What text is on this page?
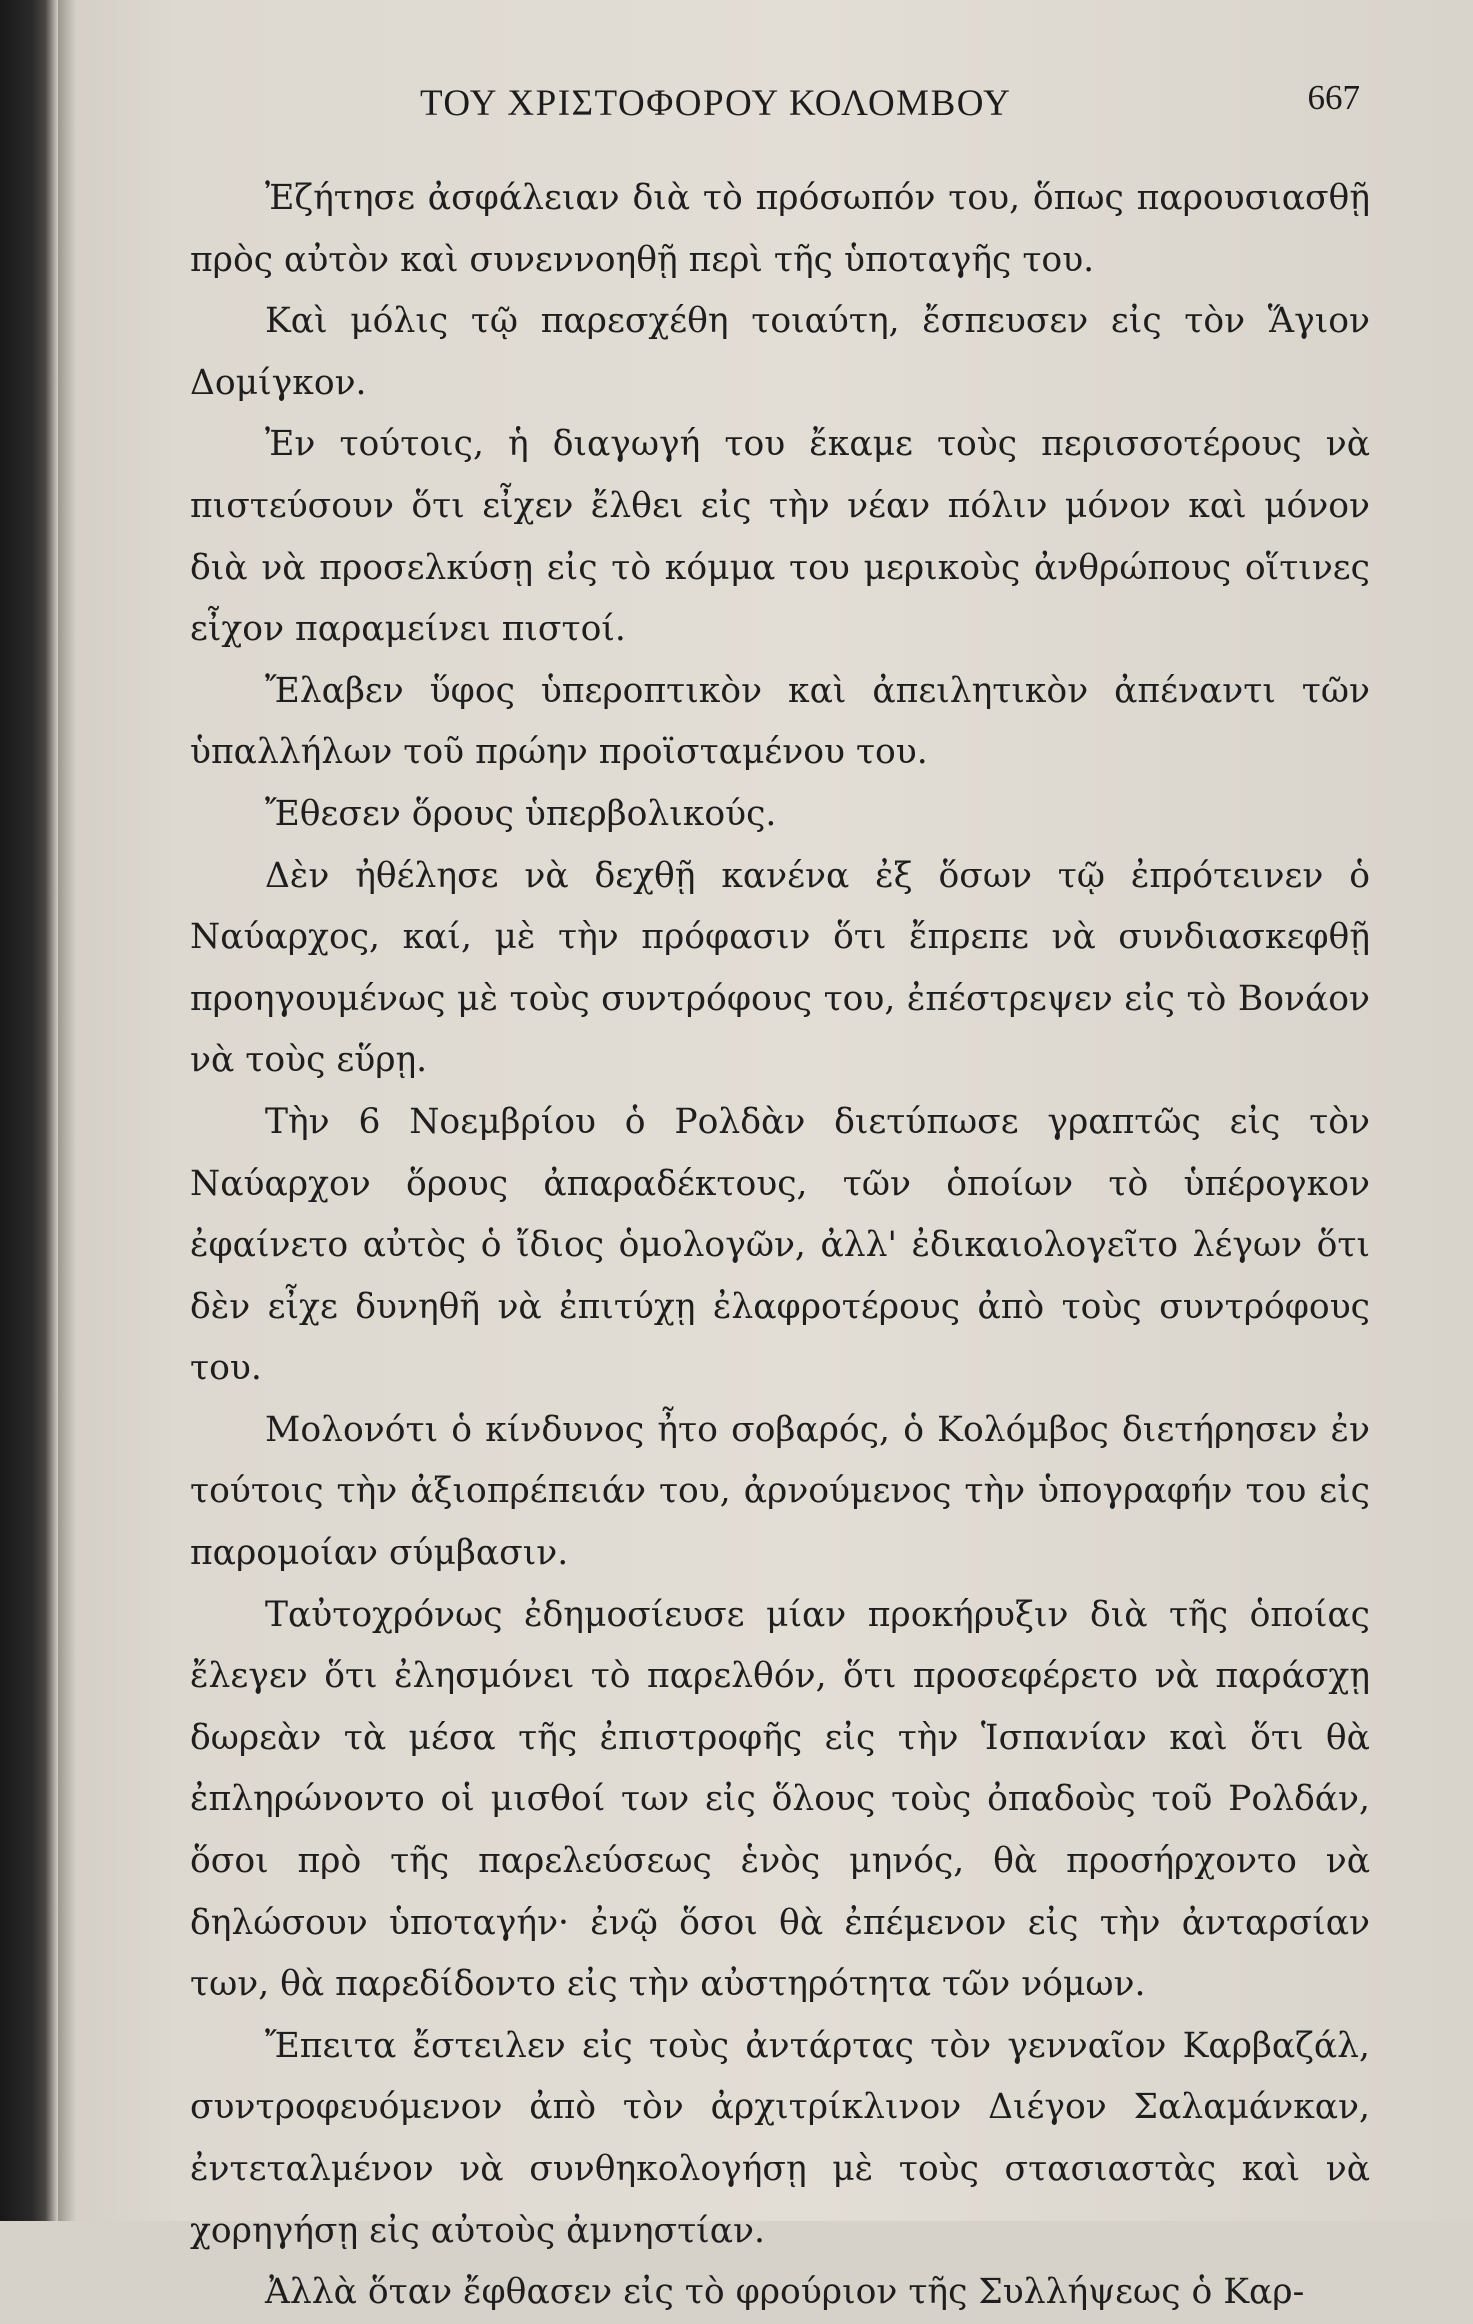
ΤΟΥ ΧΡΙΣΤΟΦΟΡΟΥ ΚΟΛΟΜΒΟΥ	667

Ἐζήτησε ἀσφάλειαν διὰ τὸ πρόσωπόν του, ὅπως παρουσιασθῇ πρὸς αὐτὸν καὶ συνεννοηθῇ περὶ τῆς ὑποταγῆς του.

Καὶ μόλις τῷ παρεσχέθη τοιαύτη, ἔσπευσεν εἰς τὸν Ἅγιον Δομίγκον.

Ἐν τούτοις, ἡ διαγωγή του ἔκαμε τοὺς περισσοτέρους νὰ πιστεύσουν ὅτι εἶχεν ἔλθει εἰς τὴν νέαν πόλιν μόνον καὶ μόνον διὰ νὰ προσελκύσῃ εἰς τὸ κόμμα του μερικοὺς ἀνθρώπους οἵτινες εἶχον παραμείνει πιστοί.

Ἔλαβεν ὕφος ὑπεροπτικὸν καὶ ἀπειλητικὸν ἀπέναντι τῶν ὑπαλλήλων τοῦ πρώην προϊσταμένου του.

Ἔθεσεν ὅρους ὑπερβολικούς.

Δὲν ἠθέλησε νὰ δεχθῇ κανένα ἐξ ὅσων τῷ ἐπρότεινεν ὁ Ναύαρχος, καί, μὲ τὴν πρόφασιν ὅτι ἔπρεπε νὰ συνδιασκεφθῇ προηγουμένως μὲ τοὺς συντρόφους του, ἐπέστρεψεν εἰς τὸ Βονάον νὰ τοὺς εὕρῃ.

Τὴν 6 Νοεμβρίου ὁ Ρολδὰν διετύπωσε γραπτῶς εἰς τὸν Ναύαρχον ὅρους ἀπαραδέκτους, τῶν ὁποίων τὸ ὑπέρογκον ἐφαίνετο αὐτὸς ὁ ἴδιος ὁμολογῶν, ἀλλ' ἐδικαιολογεῖτο λέγων ὅτι δὲν εἶχε δυνηθῆ νὰ ἐπιτύχῃ ἐλαφροτέρους ἀπὸ τοὺς συντρόφους του.

Μολονότι ὁ κίνδυνος ἦτο σοβαρός, ὁ Κολόμβος διετήρησεν ἐν τούτοις τὴν ἀξιοπρέπειάν του, ἀρνούμενος τὴν ὑπογραφήν του εἰς παρομοίαν σύμβασιν.

Ταὐτοχρόνως ἐδημοσίευσε μίαν προκήρυξιν διὰ τῆς ὁποίας ἔλεγεν ὅτι ἐλησμόνει τὸ παρελθόν, ὅτι προσεφέρετο νὰ παράσχῃ δωρεὰν τὰ μέσα τῆς ἐπιστροφῆς εἰς τὴν Ἱσπανίαν καὶ ὅτι θὰ ἐπληρώνοντο οἱ μισθοί των εἰς ὅλους τοὺς ὀπαδοὺς τοῦ Ρολδάν, ὅσοι πρὸ τῆς παρελεύσεως ἑνὸς μηνός, θὰ προσήρχοντο νὰ δηλώσουν ὑποταγήν· ἐνῷ ὅσοι θὰ ἐπέμενον εἰς τὴν ἀνταρσίαν των, θὰ παρεδίδοντο εἰς τὴν αὐστηρότητα τῶν νόμων.

Ἔπειτα ἔστειλεν εἰς τοὺς ἀντάρτας τὸν γενναῖον Καρβαζάλ, συντροφευόμενον ἀπὸ τὸν ἀρχιτρίκλινον Διέγον Σαλαμάνκαν, ἐντεταλμένον νὰ συνθηκολογήσῃ μὲ τοὺς στασιαστὰς καὶ νὰ χορηγήσῃ εἰς αὐτοὺς ἀμνηστίαν.

Ἀλλὰ ὅταν ἔφθασεν εἰς τὸ φρούριον τῆς Συλλήψεως ὁ Καρ-
